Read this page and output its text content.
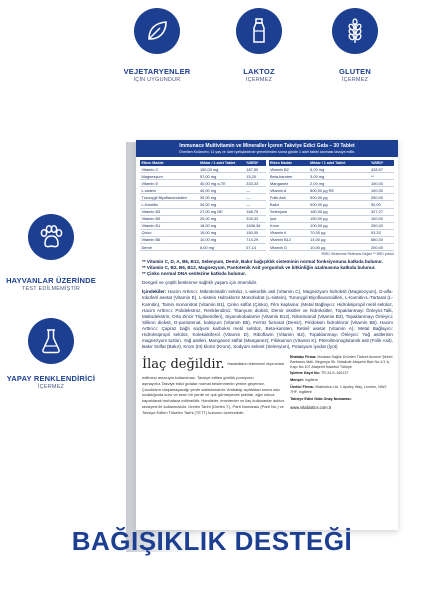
VEJETARYENLER
İÇİN UYGUNDUR
LAKTOZ
İÇERMEZ
GLUTEN
İÇERMEZ
HAYVANLAR ÜZERİNDE
TEST EDİLMEMİŞTİR
YAPAY RENKLENDİRİCİ
İÇERMEZ
Immunace Multivitamin ve Mineraller İçeren Takviye Edici Gıda – 30 Tablet
Önerilen Kullanımı: 11 yaş ve üzeri yetişkinlerde yemeklerden sonra günde 1 adet tablet alınması tavsiye edilir.
Etken Madde	Miktar / 1 adet Tablet	%BRD*
Vitamin C	150,00 mg	187,50
Magnezyum	57,00 mg	15,20
Vitamin E	40,00 mg α-TE	333,33
L-sistein	40,00 mg	—
Turunçgil Biyoflavonoidleri	30,00 mg	—
L-Karnitin	30,00 mg	—
Vitamin B3	27,00 mg NE	168,75
Vitamin B5	20,00 mg	333,33
Vitamin B1	18,00 mg	1636,36
Çinko	15,00 mg	150,00
Vitamin B6	10,00 mg	714,29
Demir	8,00 mg	57,14
Etken Madde	Miktar / 1 adet Tablet	%BRD*
Vitamin B2	6,00 mg	428,57
Beta-karoten	3,00 mg	**
Manganez	2,00 mg	100,00
Vitamin A	800,00 µg RE	100,00
Folik Asit	500,00 µg	250,00
Bakır	500,00 µg	50,00
Selenyum	180,00 µg	327,27
İyot	150,00 µg	100,00
Krom	100,00 µg	250,00
Vitamin K	70,00 µg	93,33
Vitamin B12	14,00 µg	560,00
Vitamin D	10,00 µg	200,00
*BRD: Beslenme Referans Değeri ** BRD yoktur

** Vitamin C, D, A, B6, B12, Selenyum, Demir, Bakır bağışıklık sisteminin normal fonksiyonuna katkıda bulunur.
** Vitamin C, B2, B6, B12, Magnezyum, Pantotenik Asit yorgunluk ve bitkinliğin azalmasına katkıda bulunur.
** Çinko normal DNA sentezine katkıda bulunur.

Dengeli ve çeşitli beslenme sağlıklı yaşam için önemlidir.

İçindekiler: Hacim Arttırıcı: Mikrokristalin selüloz, L-askorbik asit (Vitamin C), Magnezyum hidroksit (Magnezyum), D-alfa-tokoferil asetat (Vitamin E), L-sistein Hidroklorür Monohidrat (L-sistein), Turunçgil Biyoflavonoidleri, L-Karnitin-L-Tartarat (L-Karnitin), Tamin mononitrat (Vitamin B1), Çinko sülfat (Çinko), Film kaplama: (Metal Bağlayıcı: Hidroksipropil metil selüloz, Hacim Arttırıcı: Polidekstroz, Renklendirici: Titanyum dioksit, Demir oksitler ve hidroksitler, Topaklanmayı Önleyici:Talk, Maltodekstrin, Orta Zincir Trigliseridleri), Siyanokobalamin (Vitamin B12), Nikotinamid (Vitamin B3), Topaklanmayı Önleyici: Silikon dioksit, D-pantotenat, kalsiyum (Vitamin B5), Ferröz fumarat (Demir), Piridoksin hidroklorür (Vitamin B6), Hacim Arttırıcı: Çapraz bağlı sodyum karboksi metil selüloz, Beta-karoten, Retinil asetat (Vitamin A), Metal Bağlayıcı: Hidroksipropil selüloz, Kolekalsiferol (Vitamin D), Riboflavin (Vitamin B2), Topaklanmayı Önleyici: Yağ asitlerinin magnezyum tuzları, Yağ asitleri, Manganez sülfat (Manganez), Filokuinon (Vitamin K), Pteroilmonoglutamik asit (Folik Asit), Bakır Sülfat (Bakır), Krom (III) klorür (Krom), Sodyum selenit (Selenyum), Potasyum iyodat (İyot)

İlaç değildir. Hastalıkların önlenmesi veya tedavi
edilmesi amacıyla kullanılmaz. Tavsiye edilen günlük porsiyonu aşmayınız.Takviye edici gıdalar normal beslenmenin yerine geçemez. Çocukların ulaşamayacağı yerde saklanmalıdır. Ambalajı açıldıktan sonra oda sıcaklığında kuru ve serin bir yerde ve ışık görmeyecek şekilde, ağzı sıkıca kapatılarak muhafaza edilmelidir. Hamileler, emzirenler ve ilaç kullananlar doktor tavsiyesi ile kullanmalıdır. Üretim Tarihi (Üretim T.), Parti Numarası (Parti No.) ve Tavsiye Edilen Tüketim Tarihi (TETT) kutunun üzerindedir.
İthalatçı Firma: Modasa Sağlık Ürünleri Ticaret Anonim Şirketi Barbaros Mah. Begonya Sk. Nidakule Ataşehir Batı No:1/1 İç Kapı No:107 Ataşehir İstanbul Türkiye
İşletme Kayıt No: TR-34-K-160137
Menşei: İngiltere
Üretici Firma: Vitabiotics Ltd. 1 Apsley Way, London, NW2 7HF, İngiltere
Takviye Edici Gıda Onay Numarası:
www.vitabiotics.com.tr
BAĞIŞIKLIK DESTEĞİ
